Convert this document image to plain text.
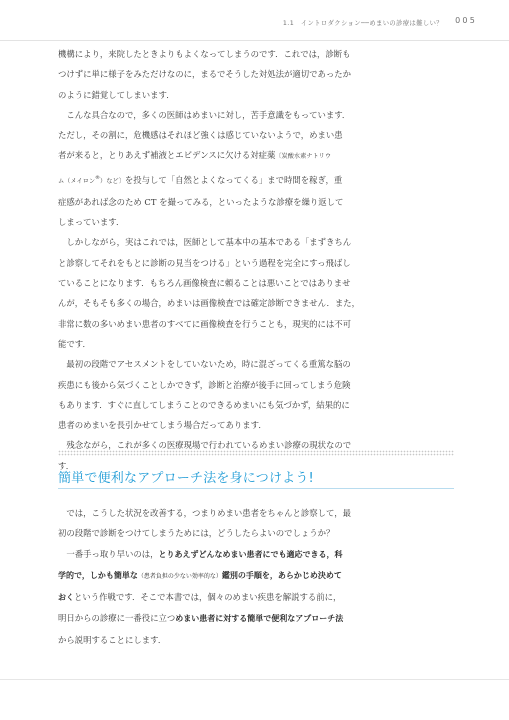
1.1　イントロダクション──めまいの診療は難しい？ 005

機構により，来院したときよりもよくなってしまうのです．これでは，診断も

つけずに単に様子をみただけなのに，まるでそうした対処法が適切であったか

のように錯覚してしまいます．

こんな具合なので，多くの医師はめまいに対し，苦手意識をもっています．

ただし，その割に，危機感はそれほど強くは感じていないようで，めまい患

者が来ると，とりあえず補液とエビデンスに欠ける対症薬〔炭酸水素ナトリウ

ム（メイロン®）など〕を投与して「自然とよくなってくる」まで時間を稼ぎ，重

症感があれば念のため CT を撮ってみる，といったような診療を繰り返して

しまっています．

しかしながら，実はこれでは，医師として基本中の基本である「まずきちん

と診察してそれをもとに診断の見当をつける」という過程を完全にすっ飛ばし

ていることになります．もちろん画像検査に頼ることは悪いことではありませ

んが，そもそも多くの場合，めまいは画像検査では確定診断できません．また，

非常に数の多いめまい患者のすべてに画像検査を行うことも，現実的には不可

能です．

最初の段階でアセスメントをしていないため，時に混ざってくる重篤な脳の

疾患にも後から気づくことしかできず，診断と治療が後手に回ってしまう危険

もあります．すぐに直してしまうことのできるめまいにも気づかず，結果的に

患者のめまいを長引かせてしまう場合だってあります．

残念ながら，これが多くの医療現場で行われているめまい診療の現状なので

す．

簡単で便利なアプローチ法を身につけよう!

では，こうした状況を改善する，つまりめまい患者をちゃんと診察して，最

初の段階で診断をつけてしまうためには，どうしたらよいのでしょうか？

一番手っ取り早いのは，とりあえずどんなめまい患者にでも適応できる，科

学的で，しかも簡単な（患者負担の少ない効率的な）鑑別の手順を，あらかじめ決めて

おくという作戦です．そこで本書では，個々のめまい疾患を解説する前に，

明日からの診療に一番役に立つめまい患者に対する簡単で便利なアプローチ法

から説明することにします．
